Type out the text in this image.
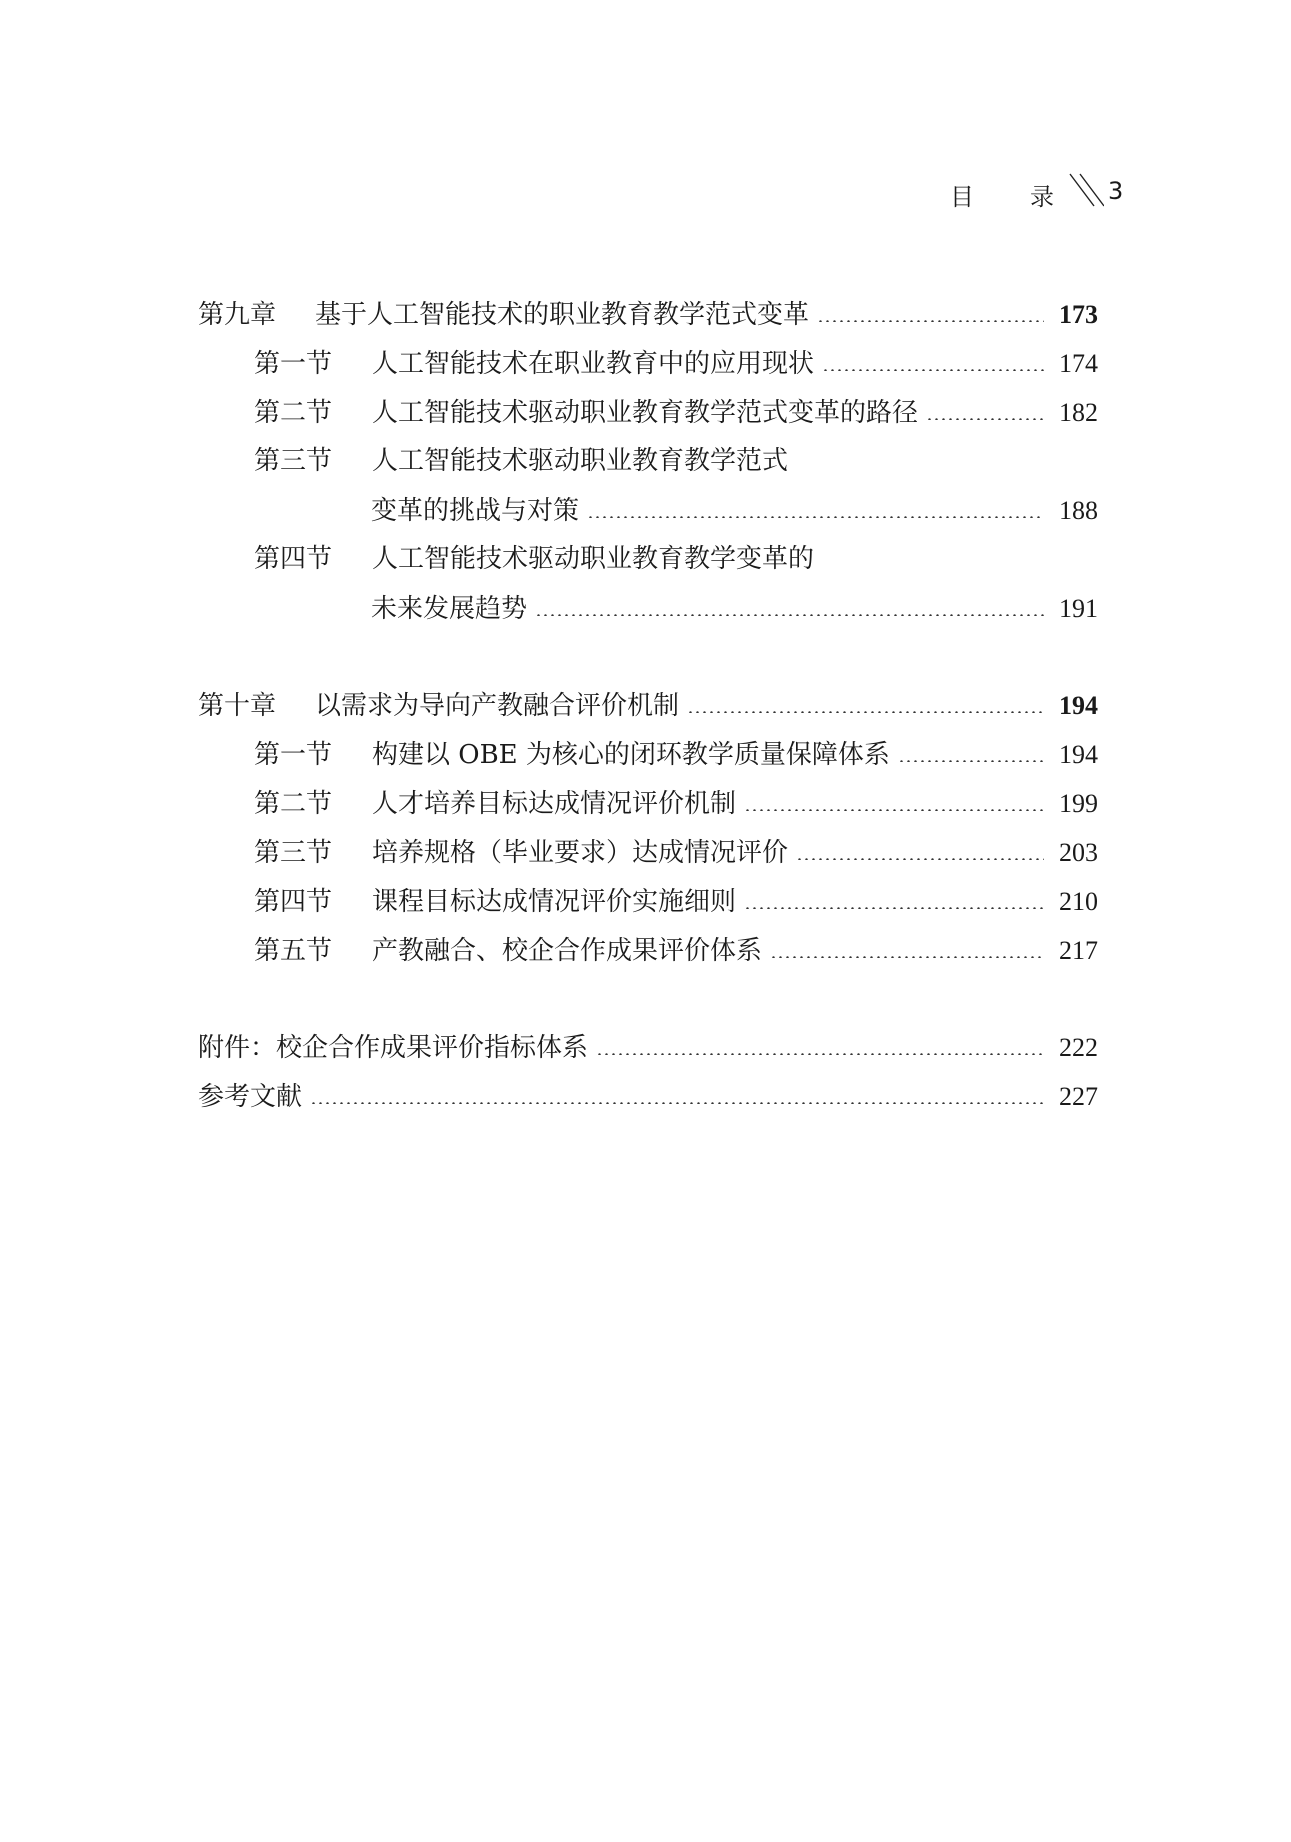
目 录 3
第九章	基于人工智能技术的职业教育教学范式变革	173
第一节	人工智能技术在职业教育中的应用现状	174
第二节	人工智能技术驱动职业教育教学范式变革的路径	182
第三节	人工智能技术驱动职业教育教学范式
变革的挑战与对策	188
第四节	人工智能技术驱动职业教育教学变革的
未来发展趋势	191
第十章	以需求为导向产教融合评价机制	194
第一节	构建以 OBE 为核心的闭环教学质量保障体系	194
第二节	人才培养目标达成情况评价机制	199
第三节	培养规格（毕业要求）达成情况评价	203
第四节	课程目标达成情况评价实施细则	210
第五节	产教融合、校企合作成果评价体系	217
附件：校企合作成果评价指标体系	222
参考文献	227
